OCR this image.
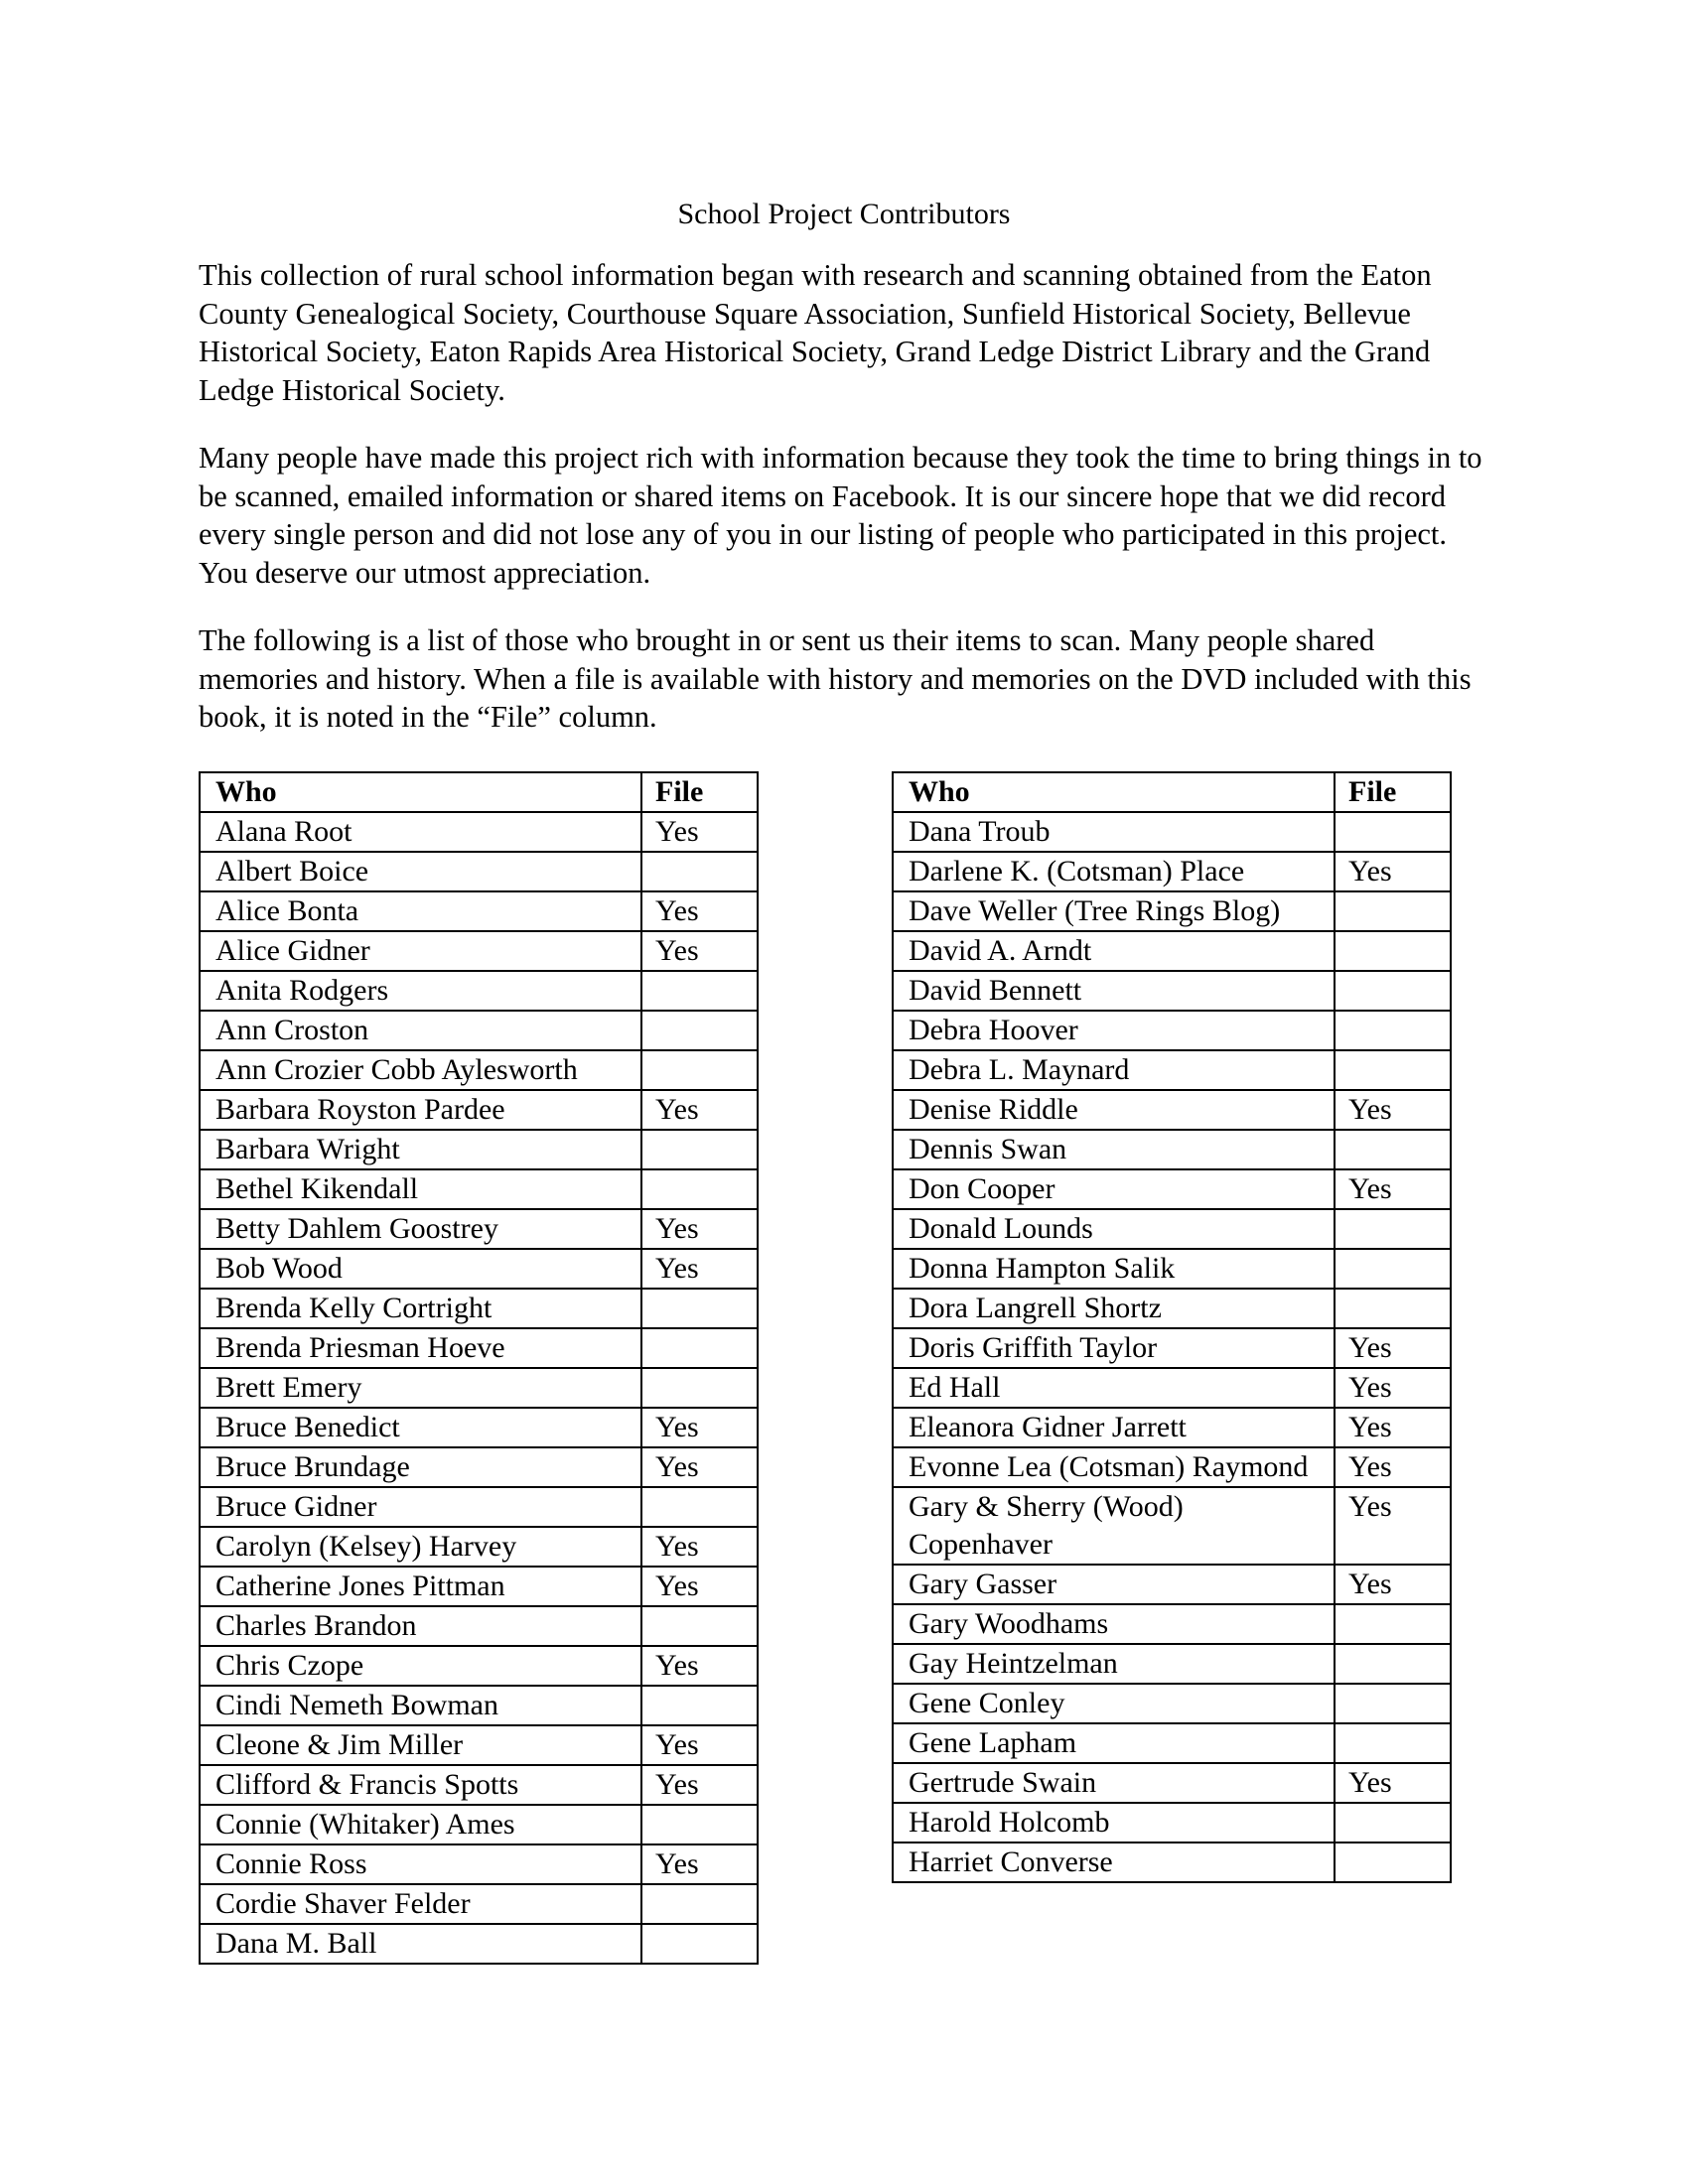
School Project Contributors

This collection of rural school information began with research and scanning obtained from the Eaton County Genealogical Society, Courthouse Square Association, Sunfield Historical Society, Bellevue Historical Society, Eaton Rapids Area Historical Society, Grand Ledge District Library and the Grand Ledge Historical Society.

Many people have made this project rich with information because they took the time to bring things in to be scanned, emailed information or shared items on Facebook. It is our sincere hope that we did record every single person and did not lose any of you in our listing of people who participated in this project. You deserve our utmost appreciation.

The following is a list of those who brought in or sent us their items to scan. Many people shared memories and history. When a file is available with history and memories on the DVD included with this book, it is noted in the “File” column.

Who	File
Alana Root	Yes
Albert Boice	
Alice Bonta	Yes
Alice Gidner	Yes
Anita Rodgers	
Ann Croston	
Ann Crozier Cobb Aylesworth	
Barbara Royston Pardee	Yes
Barbara Wright	
Bethel Kikendall	
Betty Dahlem Goostrey	Yes
Bob Wood	Yes
Brenda Kelly Cortright	
Brenda Priesman Hoeve	
Brett Emery	
Bruce Benedict	Yes
Bruce Brundage	Yes
Bruce Gidner	
Carolyn (Kelsey) Harvey	Yes
Catherine Jones Pittman	Yes
Charles Brandon	
Chris Czope	Yes
Cindi Nemeth Bowman	
Cleone & Jim Miller	Yes
Clifford & Francis Spotts	Yes
Connie (Whitaker) Ames	
Connie Ross	Yes
Cordie Shaver Felder	
Dana M. Ball	
Who	File
Dana Troub	
Darlene K. (Cotsman) Place	Yes
Dave Weller (Tree Rings Blog)	
David A. Arndt	
David Bennett	
Debra Hoover	
Debra L. Maynard	
Denise Riddle	Yes
Dennis Swan	
Don Cooper	Yes
Donald Lounds	
Donna Hampton Salik	
Dora Langrell Shortz	
Doris Griffith Taylor	Yes
Ed Hall	Yes
Eleanora Gidner Jarrett	Yes
Evonne Lea (Cotsman) Raymond	Yes
Gary & Sherry (Wood) Copenhaver	Yes
Gary Gasser	Yes
Gary Woodhams	
Gay Heintzelman	
Gene Conley	
Gene Lapham	
Gertrude Swain	Yes
Harold Holcomb	
Harriet Converse	
